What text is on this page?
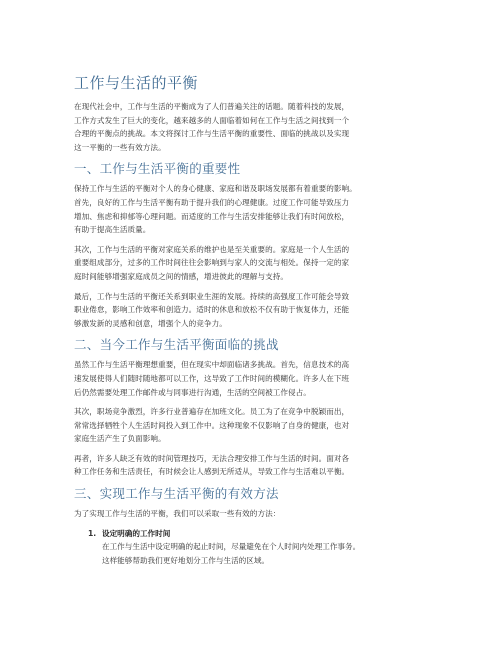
工作与生活的平衡

在现代社会中，工作与生活的平衡成为了人们普遍关注的话题。随着科技的发展，
工作方式发生了巨大的变化，越来越多的人面临着如何在工作与生活之间找到一个
合理的平衡点的挑战。本文将探讨工作与生活平衡的重要性、面临的挑战以及实现
这一平衡的一些有效方法。

一、工作与生活平衡的重要性

保持工作与生活的平衡对个人的身心健康、家庭和谐及职场发展都有着重要的影响。
首先，良好的工作与生活平衡有助于提升我们的心理健康。过度工作可能导致压力
增加、焦虑和抑郁等心理问题。而适度的工作与生活安排能够让我们有时间放松，
有助于提高生活质量。

其次，工作与生活的平衡对家庭关系的维护也是至关重要的。家庭是一个人生活的
重要组成部分，过多的工作时间往往会影响到与家人的交流与相处。保持一定的家
庭时间能够增强家庭成员之间的情感，增进彼此的理解与支持。

最后，工作与生活的平衡还关系到职业生涯的发展。持续的高强度工作可能会导致
职业倦怠，影响工作效率和创造力。适时的休息和放松不仅有助于恢复体力，还能
够激发新的灵感和创意，增强个人的竞争力。

二、当今工作与生活平衡面临的挑战

虽然工作与生活平衡理想重要，但在现实中却面临诸多挑战。首先，信息技术的高
速发展使得人们随时随地都可以工作，这导致了工作时间的模糊化。许多人在下班
后仍然需要处理工作邮件或与同事进行沟通，生活的空间被工作侵占。

其次，职场竞争激烈，许多行业普遍存在加班文化。员工为了在竞争中脱颖而出，
常常选择牺牲个人生活时间投入到工作中。这种现象不仅影响了自身的健康，也对
家庭生活产生了负面影响。

再者，许多人缺乏有效的时间管理技巧，无法合理安排工作与生活的时间。面对各
种工作任务和生活责任，有时候会让人感到无所适从，导致工作与生活难以平衡。

三、实现工作与生活平衡的有效方法

为了实现工作与生活的平衡，我们可以采取一些有效的方法：

1. 设定明确的工作时间
在工作与生活中设定明确的起止时间，尽量避免在个人时间内处理工作事务。
这样能够帮助我们更好地划分工作与生活的区域。
